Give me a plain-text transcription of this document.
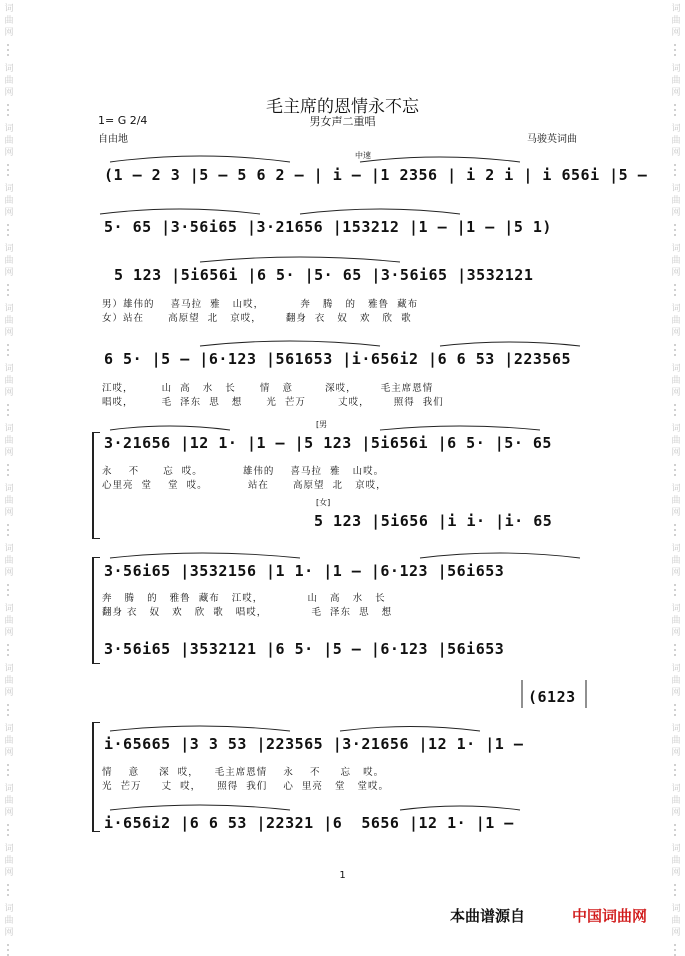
词
曲
网
词
曲
网
词
曲
网
词
曲
网
词
曲
网
词
曲
网
词
曲
网
词
曲
网
词
曲
网
词
曲
网
词
曲
网
词
曲
网
词
曲
网
词
曲
网
词
曲
网
词
曲
网
词
曲
网
词
曲
网
词
曲
网
词
曲
网
词
曲
网
词
曲
网
词
曲
网
词
曲
网
词
曲
网
词
曲
网
词
曲
网
词
曲
网
词
曲
网
词
曲
网
词
曲
网
词
曲
网
毛主席的恩情永不忘
男女声二重唱
1= G 2/4
自由地	马骏英词曲
中速
(1 — 2 3 |5 — 5 6 2 — | i — |1 2356 | i 2 i | i 656i |5 —
5· 65 |3·56i65 |3·21656 |153212 |1 — |1 — |5 1)
5 123 |5i656i |6 5· |5· 65 |3·56i65 |3532121
男）雄伟的    喜马拉  雅   山哎，         奔   腾   的   雅鲁  藏布
女）站在      高原望  北   京哎，      翻身  衣   奴   欢   欣  歌
6 5· |5 — |6·123 |561653 |i·656i2 |6 6 53 |223565
江哎，       山  高   水   长      情   意        深哎，      毛主席恩情
唱哎，       毛  泽东  思   想      光  芒万        丈哎，      照得  我们
[男
3·21656 |12 1· |1 — |5 123 |5i656i |6 5· |5· 65
永    不      忘  哎。          雄伟的    喜马拉  雅   山哎。
心里亮  堂    堂  哎。          站在      高原望  北   京哎，
[女]
5 123 |5i656 |i i· |i· 65
3·56i65 |3532156 |1 1· |1 — |6·123 |56i653
奔   腾   的   雅鲁  藏布   江哎，           山   高   水   长
翻身 衣   奴   欢   欣  歌   唱哎，           毛  泽东  思   想
3·56i65 |3532121 |6 5· |5 — |6·123 |56i653
(6123
i·65665 |3 3 53 |223565 |3·21656 |12 1· |1 —
情    意     深  哎，    毛主席恩情    永    不     忘   哎。
光  芒万     丈  哎，    照得  我们    心  里亮   堂   堂哎。
i·656i2 |6 6 53 |22321 |6  5656 |12 1· |1 —
1
本曲谱源自	中国词曲网
